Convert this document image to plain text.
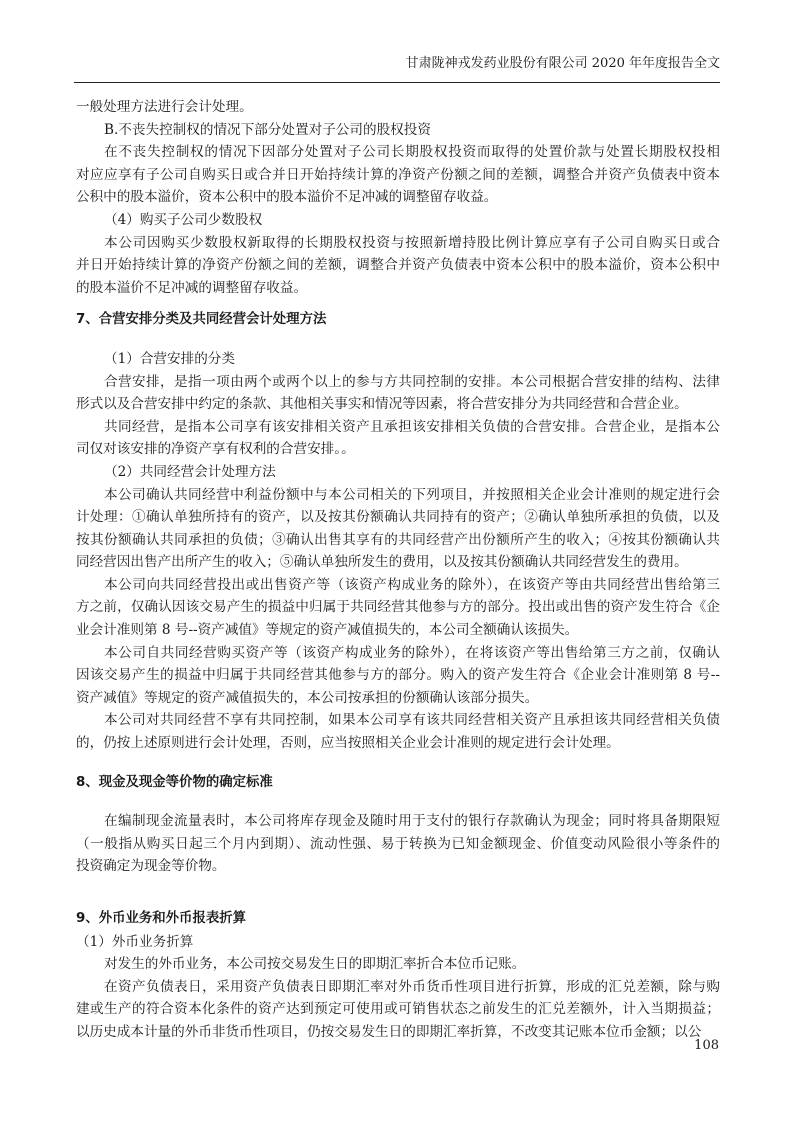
甘肃陇神戎发药业股份有限公司 2020 年年度报告全文
一般处理方法进行会计处理。
B.不丧失控制权的情况下部分处置对子公司的股权投资
在不丧失控制权的情况下因部分处置对子公司长期股权投资而取得的处置价款与处置长期股权投相
对应应享有子公司自购买日或合并日开始持续计算的净资产份额之间的差额，调整合并资产负债表中资本
公积中的股本溢价，资本公积中的股本溢价不足冲减的调整留存收益。
（4）购买子公司少数股权
本公司因购买少数股权新取得的长期股权投资与按照新增持股比例计算应享有子公司自购买日或合
并日开始持续计算的净资产份额之间的差额，调整合并资产负债表中资本公积中的股本溢价，资本公积中
的股本溢价不足冲减的调整留存收益。
7、合营安排分类及共同经营会计处理方法
（1）合营安排的分类
合营安排，是指一项由两个或两个以上的参与方共同控制的安排。本公司根据合营安排的结构、法律
形式以及合营安排中约定的条款、其他相关事实和情况等因素，将合营安排分为共同经营和合营企业。
共同经营，是指本公司享有该安排相关资产且承担该安排相关负债的合营安排。合营企业，是指本公
司仅对该安排的净资产享有权利的合营安排。。
（2）共同经营会计处理方法
本公司确认共同经营中利益份额中与本公司相关的下列项目，并按照相关企业会计准则的规定进行会
计处理：①确认单独所持有的资产，以及按其份额确认共同持有的资产；②确认单独所承担的负债，以及
按其份额确认共同承担的负债；③确认出售其享有的共同经营产出份额所产生的收入；④按其份额确认共
同经营因出售产出所产生的收入；⑤确认单独所发生的费用，以及按其份额确认共同经营发生的费用。
本公司向共同经营投出或出售资产等（该资产构成业务的除外），在该资产等由共同经营出售给第三
方之前，仅确认因该交易产生的损益中归属于共同经营其他参与方的部分。投出或出售的资产发生符合《企
业会计准则第 8 号--资产减值》等规定的资产减值损失的，本公司全额确认该损失。
本公司自共同经营购买资产等（该资产构成业务的除外），在将该资产等出售给第三方之前，仅确认
因该交易产生的损益中归属于共同经营其他参与方的部分。购入的资产发生符合《企业会计准则第 8 号--
资产减值》等规定的资产减值损失的，本公司按承担的份额确认该部分损失。
本公司对共同经营不享有共同控制，如果本公司享有该共同经营相关资产且承担该共同经营相关负债
的，仍按上述原则进行会计处理，否则，应当按照相关企业会计准则的规定进行会计处理。
8、现金及现金等价物的确定标准
在编制现金流量表时，本公司将库存现金及随时用于支付的银行存款确认为现金；同时将具备期限短
（一般指从购买日起三个月内到期）、流动性强、易于转换为已知金额现金、价值变动风险很小等条件的
投资确定为现金等价物。
9、外币业务和外币报表折算
（1）外币业务折算
对发生的外币业务，本公司按交易发生日的即期汇率折合本位币记账。
在资产负债表日，采用资产负债表日即期汇率对外币货币性项目进行折算，形成的汇兑差额，除与购
建或生产的符合资本化条件的资产达到预定可使用或可销售状态之前发生的汇兑差额外，计入当期损益；
以历史成本计量的外币非货币性项目，仍按交易发生日的即期汇率折算，不改变其记账本位币金额；以公
108
